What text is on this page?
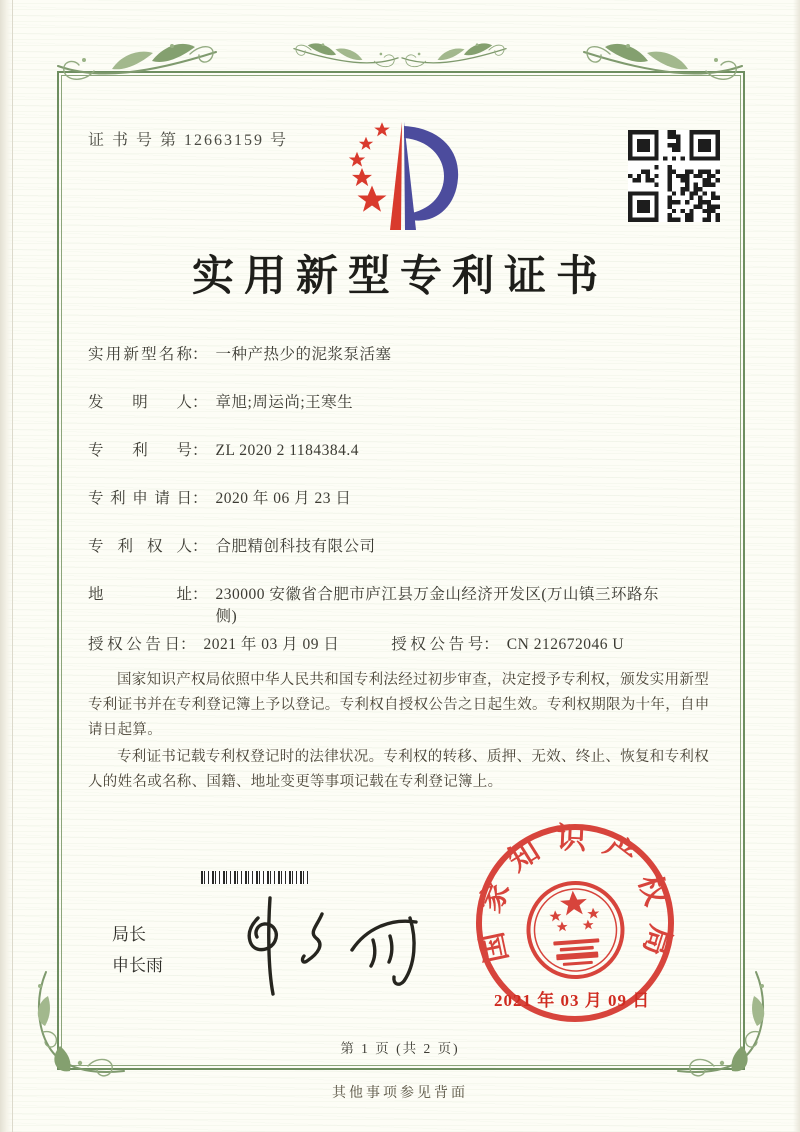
证 书 号 第 12663159 号
实用新型专利证书
实用新型名称： 一种产热少的泥浆泵活塞
发明人： 章旭;周运尚;王寒生
专利号： ZL 2020 2 1184384.4
专利申请日： 2020 年 06 月 23 日
专利权人： 合肥精创科技有限公司
地址： 230000 安徽省合肥市庐江县万金山经济开发区(万山镇三环路东侧)
授权公告日： 2021 年 03 月 09 日	授权公告号： CN 212672046 U
国家知识产权局依照中华人民共和国专利法经过初步审查，决定授予专利权，颁发实用新型专利证书并在专利登记簿上予以登记。专利权自授权公告之日起生效。专利权期限为十年，自申请日起算。
专利证书记载专利权登记时的法律状况。专利权的转移、质押、无效、终止、恢复和专利权人的姓名或名称、国籍、地址变更等事项记载在专利登记簿上。
局长
申长雨
国家知识产权局
2021 年 03 月 09 日
第 1 页 (共 2 页)
其他事项参见背面
